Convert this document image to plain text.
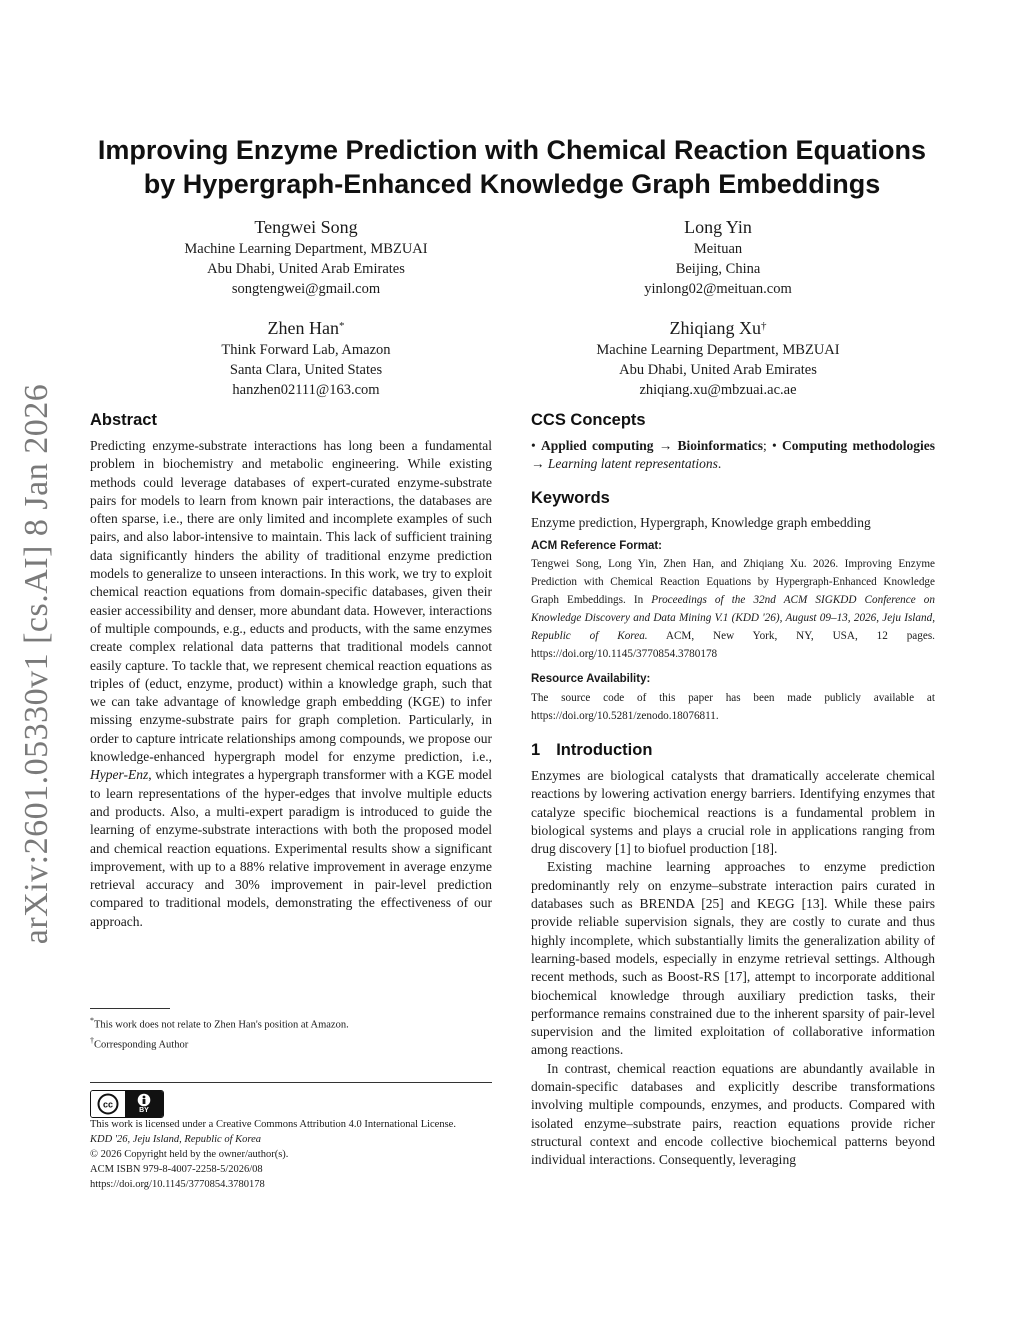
arXiv:2601.05330v1 [cs.AI] 8 Jan 2026
Improving Enzyme Prediction with Chemical Reaction Equations
by Hypergraph-Enhanced Knowledge Graph Embeddings
Tengwei Song
Machine Learning Department, MBZUAI
Abu Dhabi, United Arab Emirates
songtengwei@gmail.com
Long Yin
Meituan
Beijing, China
yinlong02@meituan.com
Zhen Han*
Think Forward Lab, Amazon
Santa Clara, United States
hanzhen02111@163.com
Zhiqiang Xu†
Machine Learning Department, MBZUAI
Abu Dhabi, United Arab Emirates
zhiqiang.xu@mbzuai.ac.ae
Abstract

Predicting enzyme-substrate interactions has long been a fundamental problem in biochemistry and metabolic engineering. While existing methods could leverage databases of expert-curated enzyme-substrate pairs for models to learn from known pair interactions, the databases are often sparse, i.e., there are only limited and incomplete examples of such pairs, and also labor-intensive to maintain. This lack of sufficient training data significantly hinders the ability of traditional enzyme prediction models to generalize to unseen interactions. In this work, we try to exploit chemical reaction equations from domain-specific databases, given their easier accessibility and denser, more abundant data. However, interactions of multiple compounds, e.g., educts and products, with the same enzymes create complex relational data patterns that traditional models cannot easily capture. To tackle that, we represent chemical reaction equations as triples of (educt, enzyme, product) within a knowledge graph, such that we can take advantage of knowledge graph embedding (KGE) to infer missing enzyme-substrate pairs for graph completion. Particularly, in order to capture intricate relationships among compounds, we propose our knowledge-enhanced hypergraph model for enzyme prediction, i.e., Hyper-Enz, which integrates a hypergraph transformer with a KGE model to learn representations of the hyper-edges that involve multiple educts and products. Also, a multi-expert paradigm is introduced to guide the learning of enzyme-substrate interactions with both the proposed model and chemical reaction equations. Experimental results show a significant improvement, with up to a 88% relative improvement in average enzyme retrieval accuracy and 30% improvement in pair-level prediction compared to traditional models, demonstrating the effectiveness of our approach.

*This work does not relate to Zhen Han's position at Amazon.
†Corresponding Author
cc
BY
This work is licensed under a Creative Commons Attribution 4.0 International License.
KDD '26, Jeju Island, Republic of Korea
© 2026 Copyright held by the owner/author(s).
ACM ISBN 979-8-4007-2258-5/2026/08
https://doi.org/10.1145/3770854.3780178
CCS Concepts

• Applied computing → Bioinformatics; • Computing methodologies → Learning latent representations.

Keywords

Enzyme prediction, Hypergraph, Knowledge graph embedding

ACM Reference Format:

Tengwei Song, Long Yin, Zhen Han, and Zhiqiang Xu. 2026. Improving Enzyme Prediction with Chemical Reaction Equations by Hypergraph-Enhanced Knowledge Graph Embeddings. In Proceedings of the 32nd ACM SIGKDD Conference on Knowledge Discovery and Data Mining V.1 (KDD '26), August 09–13, 2026, Jeju Island, Republic of Korea. ACM, New York, NY, USA, 12 pages. https://doi.org/10.1145/3770854.3780178

Resource Availability:

The source code of this paper has been made publicly available at https://doi.org/10.5281/zenodo.18076811.

1 Introduction

Enzymes are biological catalysts that dramatically accelerate chemical reactions by lowering activation energy barriers. Identifying enzymes that catalyze specific biochemical reactions is a fundamental problem in biological systems and plays a crucial role in applications ranging from drug discovery [1] to biofuel production [18].

Existing machine learning approaches to enzyme prediction predominantly rely on enzyme–substrate interaction pairs curated in databases such as BRENDA [25] and KEGG [13]. While these pairs provide reliable supervision signals, they are costly to curate and thus highly incomplete, which substantially limits the generalization ability of learning-based models, especially in enzyme retrieval settings. Although recent methods, such as Boost-RS [17], attempt to incorporate additional biochemical knowledge through auxiliary prediction tasks, their performance remains constrained due to the inherent sparsity of pair-level supervision and the limited exploitation of collaborative information among reactions.

In contrast, chemical reaction equations are abundantly available in domain-specific databases and explicitly describe transformations involving multiple compounds, enzymes, and products. Compared with isolated enzyme–substrate pairs, reaction equations provide richer structural context and encode collective biochemical patterns beyond individual interactions. Consequently, leveraging
